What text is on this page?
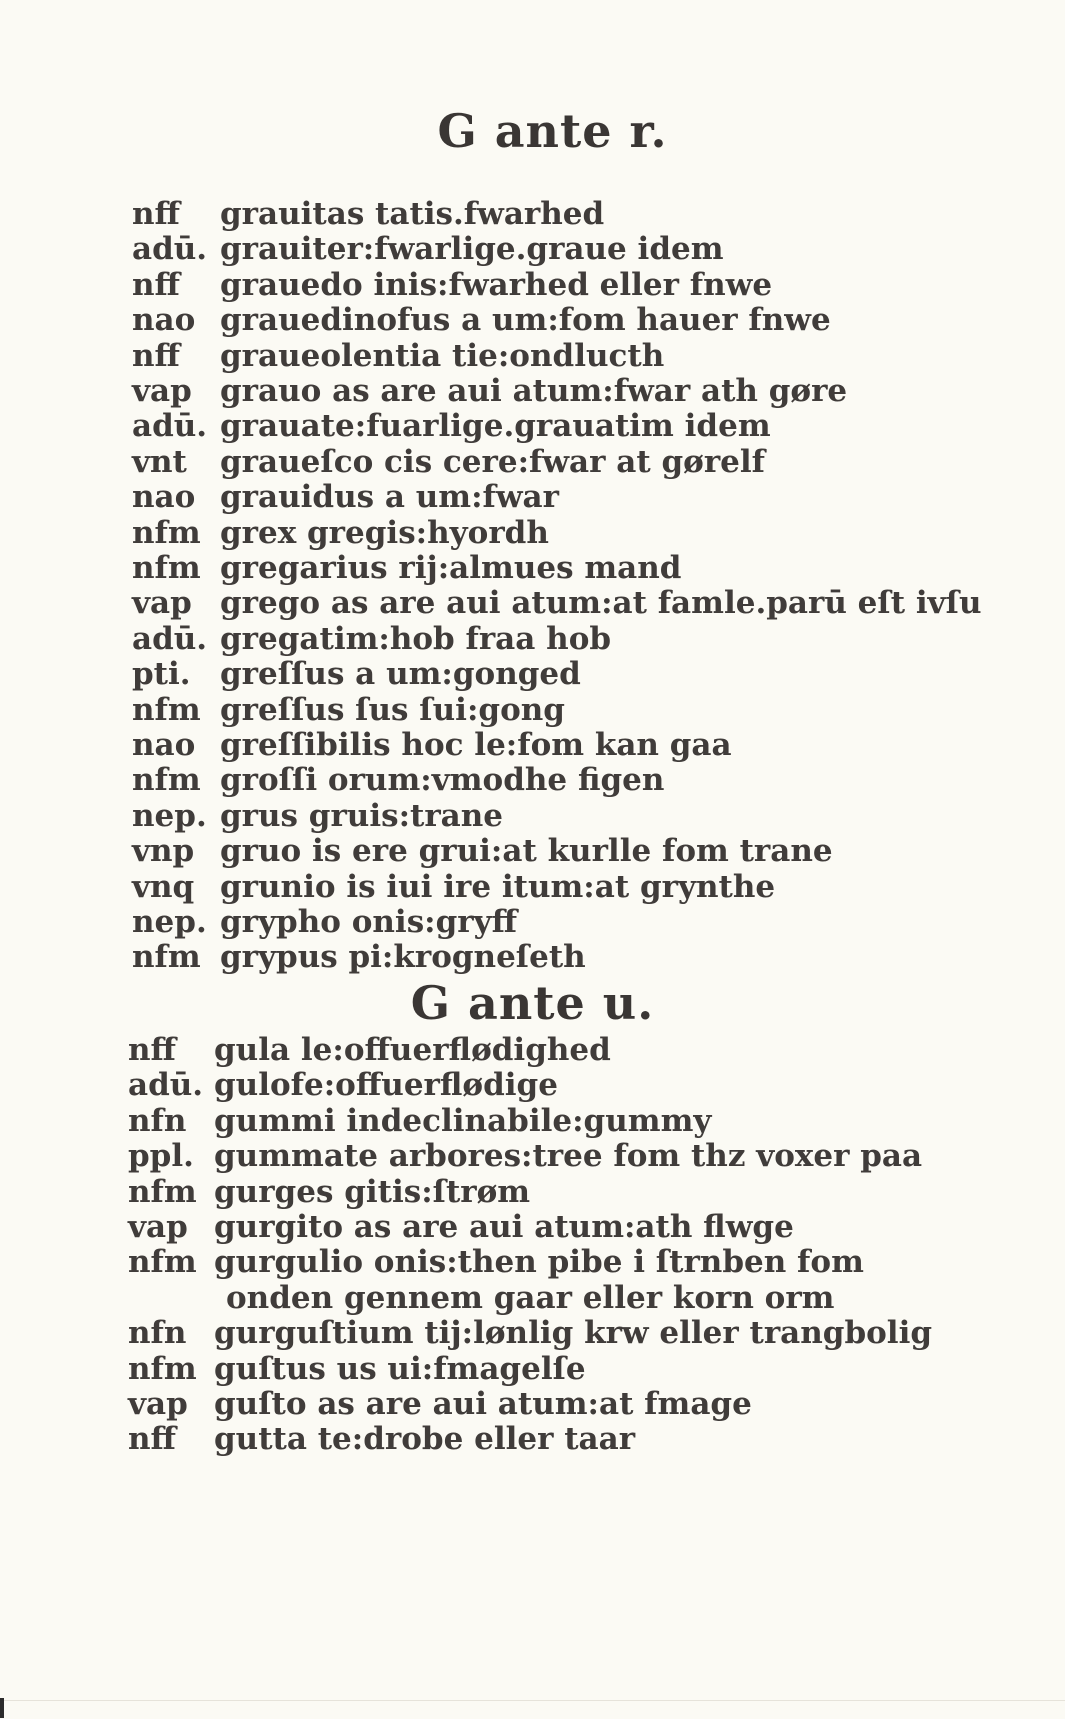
G ante r.
G ante u.
nff grauitas tatis.fwarhed
adū. grauiter:fwarlige.graue idem
nff grauedo inis:fwarhed eller fnwe
nao grauedinofus a um:fom hauer fnwe
nff graueolentia tie:ondlucth
vap grauo as are aui atum:fwar ath gøre
adū. grauate:fuarlige.grauatim idem
vnt graueſco cis cere:fwar at gørelf
nao grauidus a um:fwar
nfm grex gregis:hyordh
nfm gregarius rij:almues mand
vap grego as are aui atum:at famle.parū eſt ivſu
adū. gregatim:hob fraa hob
pti. greſſus a um:gonged
nfm greſſus ſus ſui:gong
nao greſſibilis hoc le:fom kan gaa
nfm groſſi orum:vmodhe figen
nep. grus gruis:trane
vnp gruo is ere grui:at kurlle fom trane
vnq grunio is iui ire itum:at grynthe
nep. grypho onis:gryff
nfm grypus pi:krogneſeth
nff gula le:offuerflødighed
adū. gulofe:offuerflødige
nfn gummi indeclinabile:gummy
ppl. gummate arbores:tree fom thz voxer paa
nfm gurges gitis:ſtrøm
vap gurgito as are aui atum:ath flwge
nfm gurgulio onis:then pibe i ſtrnben fom
onden gennem gaar eller korn orm
nfn gurguſtium tij:lønlig krw eller trangbolig
nfm guſtus us ui:fmagelſe
vap guſto as are aui atum:at fmage
nff gutta te:drobe eller taar
